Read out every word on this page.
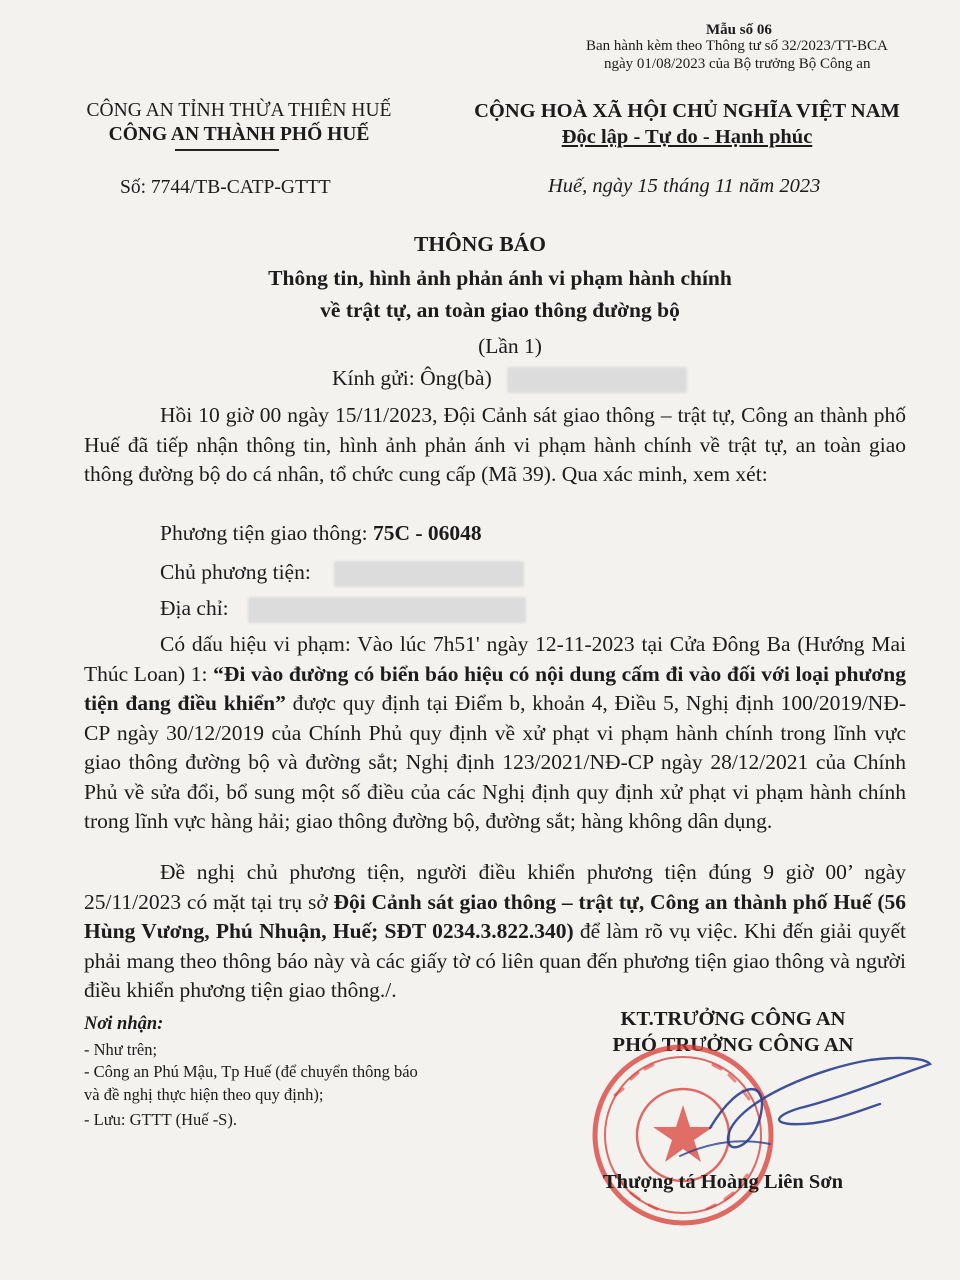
Mẫu số 06
Ban hành kèm theo Thông tư số 32/2023/TT-BCA
ngày 01/08/2023 của Bộ trưởng Bộ Công an
CÔNG AN TỈNH THỪA THIÊN HUẾ
CÔNG AN THÀNH PHỐ HUẾ
Số: 7744/TB-CATP-GTTT
CỘNG HOÀ XÃ HỘI CHỦ NGHĨA VIỆT NAM
Độc lập - Tự do - Hạnh phúc
Huế, ngày 15 tháng 11 năm 2023
THÔNG BÁO
Thông tin, hình ảnh phản ánh vi phạm hành chính
về trật tự, an toàn giao thông đường bộ
(Lần 1)
Kính gửi: Ông(bà)
Hồi 10 giờ 00 ngày 15/11/2023, Đội Cảnh sát giao thông – trật tự, Công an thành phố Huế đã tiếp nhận thông tin, hình ảnh phản ánh vi phạm hành chính về trật tự, an toàn giao thông đường bộ do cá nhân, tổ chức cung cấp (Mã 39). Qua xác minh, xem xét:
Phương tiện giao thông: 75C - 06048
Chủ phương tiện:
Địa chỉ:
Có dấu hiệu vi phạm: Vào lúc 7h51' ngày 12-11-2023 tại Cửa Đông Ba (Hướng Mai Thúc Loan) 1: “Đi vào đường có biển báo hiệu có nội dung cấm đi vào đối với loại phương tiện đang điều khiển” được quy định tại Điểm b, khoản 4, Điều 5, Nghị định 100/2019/NĐ-CP ngày 30/12/2019 của Chính Phủ quy định về xử phạt vi phạm hành chính trong lĩnh vực giao thông đường bộ và đường sắt; Nghị định 123/2021/NĐ-CP ngày 28/12/2021 của Chính Phủ về sửa đổi, bổ sung một số điều của các Nghị định quy định xử phạt vi phạm hành chính trong lĩnh vực hàng hải; giao thông đường bộ, đường sắt; hàng không dân dụng.
Đề nghị chủ phương tiện, người điều khiển phương tiện đúng 9 giờ 00’ ngày 25/11/2023 có mặt tại trụ sở Đội Cảnh sát giao thông – trật tự, Công an thành phố Huế (56 Hùng Vương, Phú Nhuận, Huế; SĐT 0234.3.822.340) để làm rõ vụ việc. Khi đến giải quyết phải mang theo thông báo này và các giấy tờ có liên quan đến phương tiện giao thông và người điều khiển phương tiện giao thông./.
Nơi nhận:
- Như trên;
- Công an Phú Mậu, Tp Huế (để chuyển thông báo
và đề nghị thực hiện theo quy định);
- Lưu: GTTT (Huế -S).
KT.TRƯỞNG CÔNG AN
PHÓ TRƯỞNG CÔNG AN
Thượng tá Hoàng Liên Sơn
